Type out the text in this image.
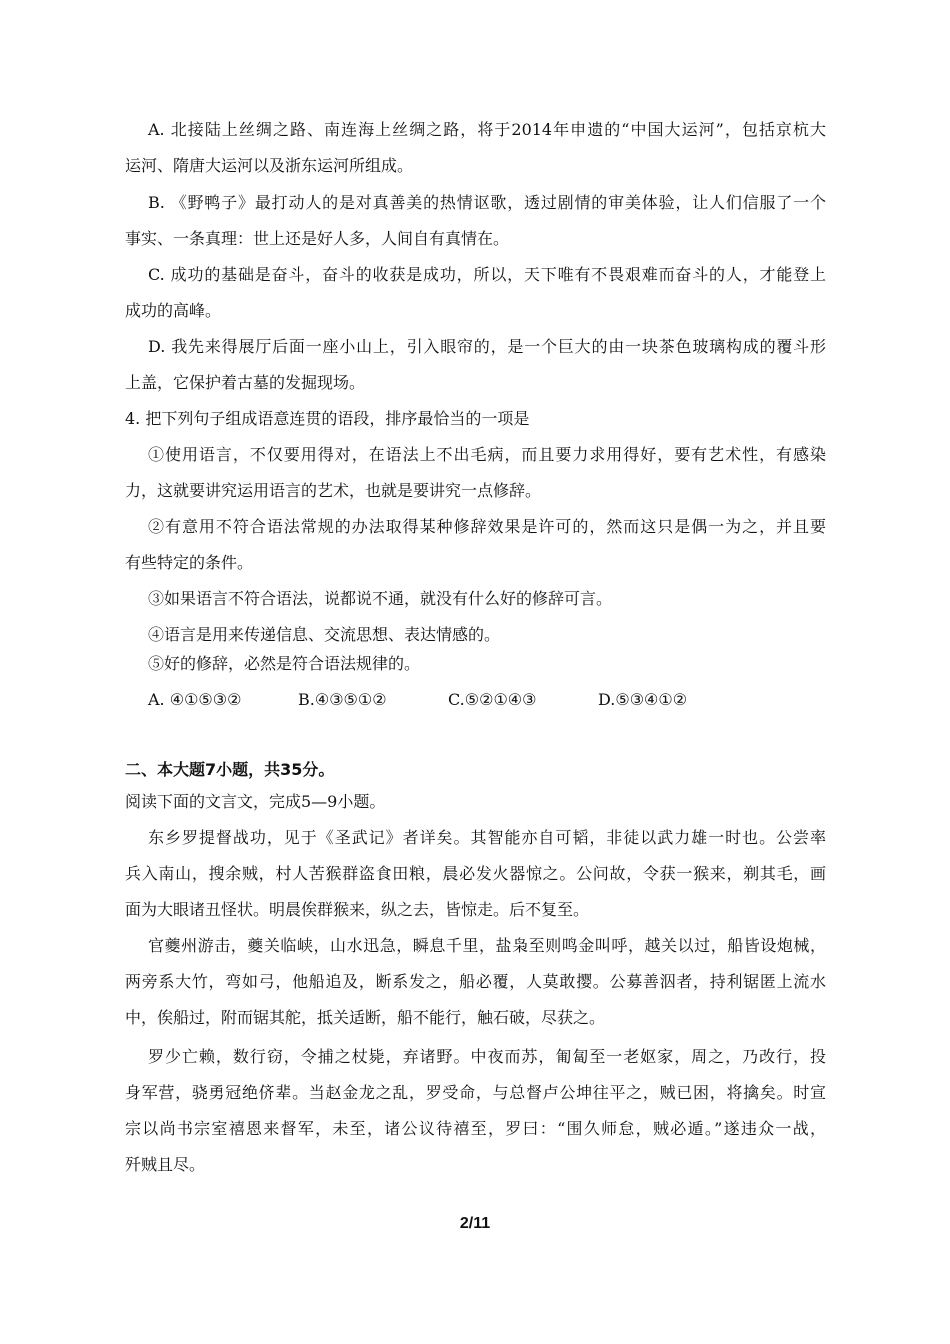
A. 北接陆上丝绸之路、南连海上丝绸之路，将于2014年申遗的“中国大运河”，包括京杭大
运河、隋唐大运河以及浙东运河所组成。
B. 《野鸭子》最打动人的是对真善美的热情讴歌，透过剧情的审美体验，让人们信服了一个
事实、一条真理：世上还是好人多，人间自有真情在。
C. 成功的基础是奋斗，奋斗的收获是成功，所以，天下唯有不畏艰难而奋斗的人，才能登上
成功的高峰。
D. 我先来得展厅后面一座小山上，引入眼帘的，是一个巨大的由一块茶色玻璃构成的覆斗形
上盖，它保护着古墓的发掘现场。
4. 把下列句子组成语意连贯的语段，排序最恰当的一项是
①使用语言，不仅要用得对，在语法上不出毛病，而且要力求用得好，要有艺术性，有感染
力，这就要讲究运用语言的艺术，也就是要讲究一点修辞。
②有意用不符合语法常规的办法取得某种修辞效果是许可的，然而这只是偶一为之，并且要
有些特定的条件。
③如果语言不符合语法，说都说不通，就没有什么好的修辞可言。
④语言是用来传递信息、交流思想、表达情感的。
⑤好的修辞，必然是符合语法规律的。
A. ④①⑤③②	B.④③⑤①②	C.⑤②①④③	D.⑤③④①②
二、本大题7小题，共35分。
阅读下面的文言文，完成5—9小题。
东乡罗提督战功，见于《圣武记》者详矣。其智能亦自可韬，非徒以武力雄一时也。公尝率
兵入南山，搜余贼，村人苦猴群盗食田粮，晨必发火器惊之。公问故，令获一猴来，剃其毛，画
面为大眼诸丑怪状。明晨俟群猴来，纵之去，皆惊走。后不复至。
官夔州游击，夔关临峡，山水迅急，瞬息千里，盐枭至则鸣金叫呼，越关以过，船皆设炮械，
两旁系大竹，弯如弓，他船追及，断系发之，船必覆，人莫敢撄。公募善泅者，持利锯匿上流水
中，俟船过，附而锯其舵，抵关适断，船不能行，触石破，尽获之。
罗少亡赖，数行窃，令捕之杖毙，弃诸野。中夜而苏，匍匐至一老妪家，周之，乃改行，投
身军营，骁勇冠绝侪辈。当赵金龙之乱，罗受命，与总督卢公坤往平之，贼已困，将擒矣。时宣
宗以尚书宗室禧恩来督军，未至，诸公议待禧至，罗曰：“围久师怠，贼必遁。”遂违众一战，
歼贼且尽。
2/11
